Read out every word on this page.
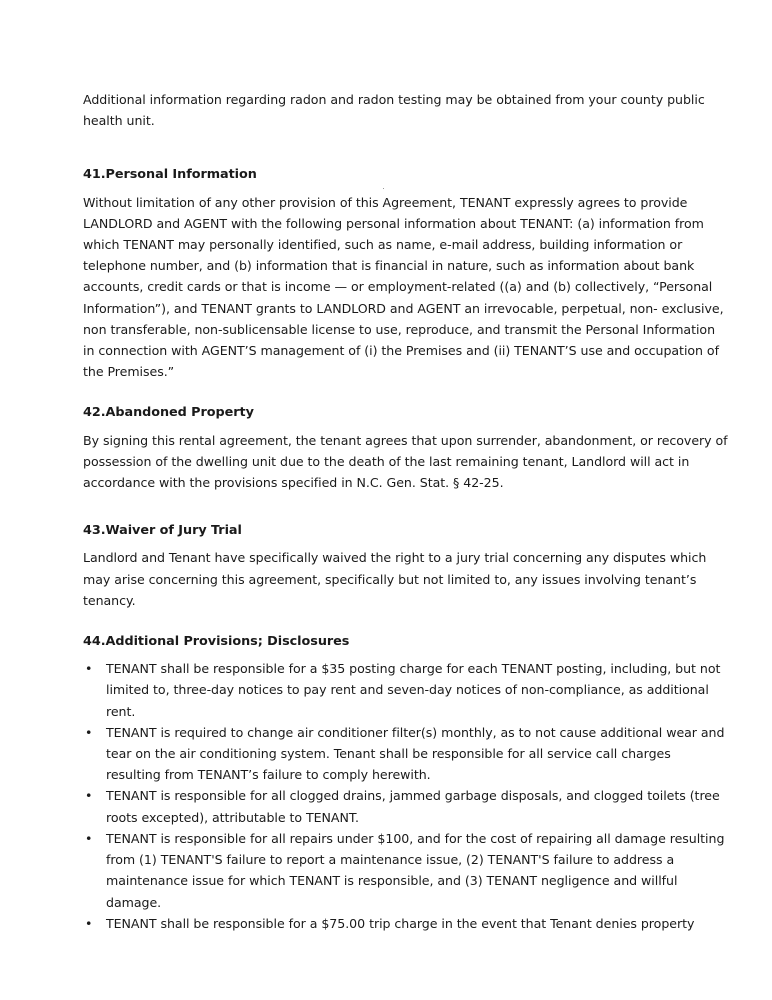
Additional information regarding radon and radon testing may be obtained from your county public health unit.

41.Personal Information

Without limitation of any other provision of this Agreement, TENANT expressly agrees to provide LANDLORD and AGENT with the following personal information about TENANT: (a) information from which TENANT may personally identified, such as name, e-mail address, building information or telephone number, and (b) information that is financial in nature, such as information about bank accounts, credit cards or that is income — or employment-related ((a) and (b) collectively, “Personal Information”), and TENANT grants to LANDLORD and AGENT an irrevocable, perpetual, non- exclusive, non transferable, non-sublicensable license to use, reproduce, and transmit the Personal Information in connection with AGENT’S management of (i) the Premises and (ii) TENANT’S use and occupation of the Premises.”

42.Abandoned Property

By signing this rental agreement, the tenant agrees that upon surrender, abandonment, or recovery of possession of the dwelling unit due to the death of the last remaining tenant, Landlord will act in accordance with the provisions specified in N.C. Gen. Stat. § 42-25.

43.Waiver of Jury Trial

Landlord and Tenant have specifically waived the right to a jury trial concerning any disputes which may arise concerning this agreement, specifically but not limited to, any issues involving tenant’s tenancy.

44.Additional Provisions; Disclosures
• TENANT shall be responsible for a $35 posting charge for each TENANT posting, including, but not limited to, three-day notices to pay rent and seven-day notices of non-compliance, as additional rent.
• TENANT is required to change air conditioner filter(s) monthly, as to not cause additional wear and tear on the air conditioning system. Tenant shall be responsible for all service call charges resulting from TENANT’s failure to comply herewith.
• TENANT is responsible for all clogged drains, jammed garbage disposals, and clogged toilets (tree roots excepted), attributable to TENANT.
• TENANT is responsible for all repairs under $100, and for the cost of repairing all damage resulting from (1) TENANT'S failure to report a maintenance issue, (2) TENANT'S failure to address a maintenance issue for which TENANT is responsible, and (3) TENANT negligence and willful damage.
• TENANT shall be responsible for a $75.00 trip charge in the event that Tenant denies property
